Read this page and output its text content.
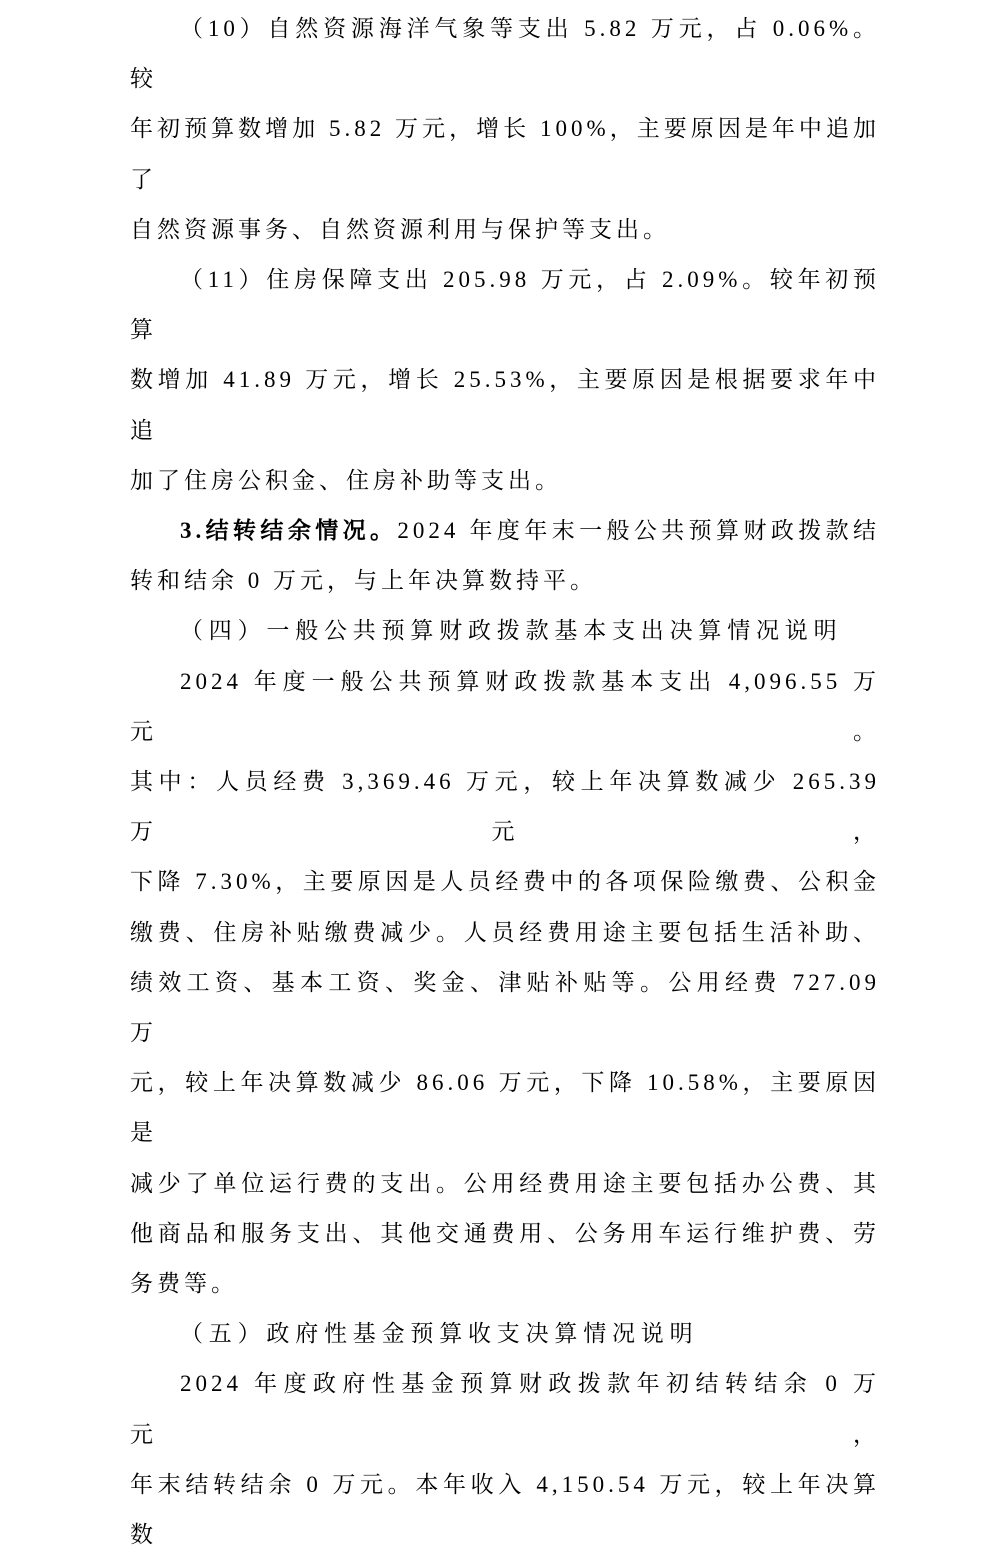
（10）自然资源海洋气象等支出 5.82 万元，占 0.06%。较
年初预算数增加 5.82 万元，增长 100%，主要原因是年中追加了
自然资源事务、自然资源利用与保护等支出。
（11）住房保障支出 205.98 万元，占 2.09%。较年初预算
数增加 41.89 万元，增长 25.53%，主要原因是根据要求年中追
加了住房公积金、住房补助等支出。
3.结转结余情况。2024 年度年末一般公共预算财政拨款结
转和结余 0 万元，与上年决算数持平。
（四）一般公共预算财政拨款基本支出决算情况说明
2024 年度一般公共预算财政拨款基本支出 4,096.55 万元。
其中：人员经费 3,369.46 万元，较上年决算数减少 265.39 万元，
下降 7.30%，主要原因是人员经费中的各项保险缴费、公积金
缴费、住房补贴缴费减少。人员经费用途主要包括生活补助、
绩效工资、基本工资、奖金、津贴补贴等。公用经费 727.09 万
元，较上年决算数减少 86.06 万元，下降 10.58%，主要原因是
减少了单位运行费的支出。公用经费用途主要包括办公费、其
他商品和服务支出、其他交通费用、公务用车运行维护费、劳
务费等。
（五）政府性基金预算收支决算情况说明
2024 年度政府性基金预算财政拨款年初结转结余 0 万元，
年末结转结余 0 万元。本年收入 4,150.54 万元，较上年决算数
